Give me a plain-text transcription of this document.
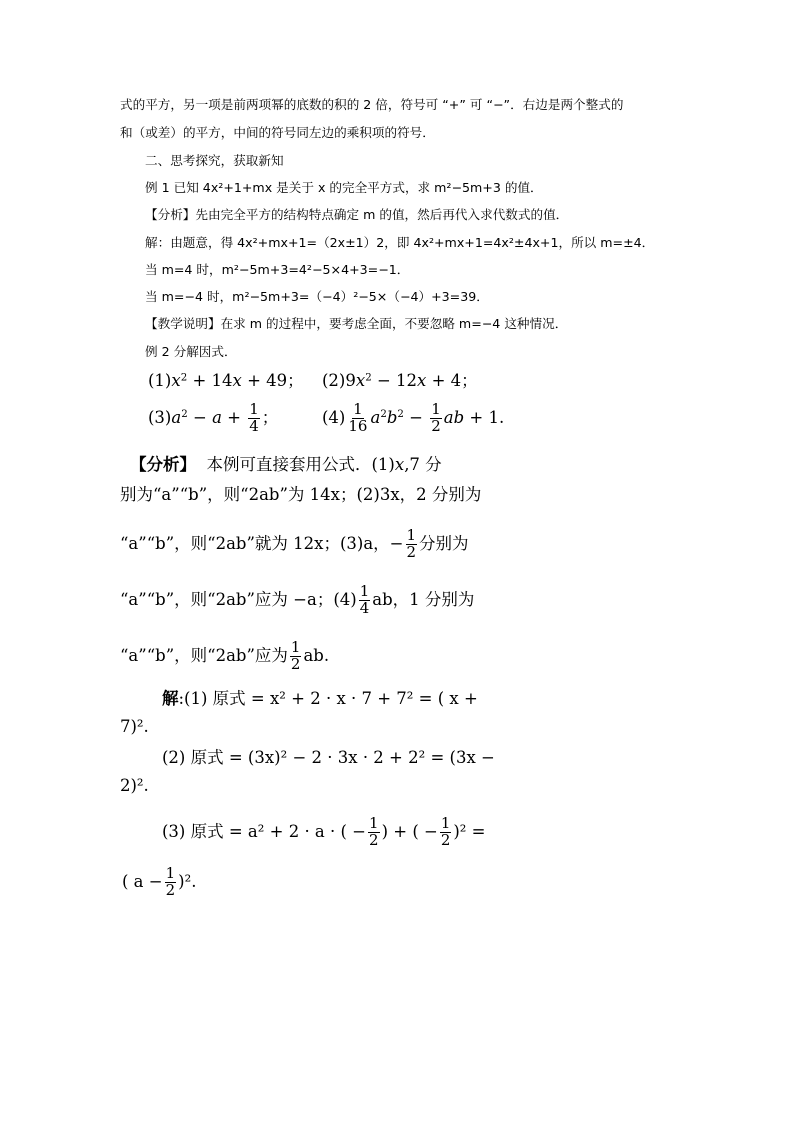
式的平方，另一项是前两项幂的底数的积的 2 倍，符号可 “+” 可 “−”．右边是两个整式的
和（或差）的平方，中间的符号同左边的乘积项的符号．
二、思考探究，获取新知
例 1 已知 4x²+1+mx 是关于 x 的完全平方式，求 m²−5m+3 的值．
【分析】先由完全平方的结构特点确定 m 的值，然后再代入求代数式的值．
解：由题意，得 4x²+mx+1=（2x±1）2，即 4x²+mx+1=4x²±4x+1，所以 m=±4．
当 m=4 时，m²−5m+3=4²−5×4+3=−1．
当 m=−4 时，m²−5m+3=（−4）²−5×（−4）+3=39．
【教学说明】在求 m 的过程中，要考虑全面，不要忽略 m=−4 这种情况．
例 2 分解因式．
$(1)x^2 + 14x + 49$； $(2)9x^2 - 12x + 4$；
$(3)a^2 - a + \frac{1}{4}$ ；	$(4) \frac{1}{16} a^2b^2 - \frac{1}{2}$ ab + 1.
【分析】 本例可直接套用公式．(1)x,7 分
别为“a”“b”，则“2ab”为 14x；(2)3x，2 分别为
“a”“b”，则“2ab”就为 12x；(3)a，− $\frac{1}{2}$ 分别为
“a”“b”，则“2ab”应为 −a；$(4) \frac{1}{4}$ ab，1 分别为
“a”“b”，则“2ab”应为 $\frac{1}{2}$ ab.
解:(1) 原式 = x² + 2 · x · 7 + 7² = ( x +
7)².
(2) 原式 = (3x)² − 2 · 3x · 2 + 2² = (3x −
2)².
(3) 原式 = a² + 2 · a · ( − $\frac{1}{2}$ ) + ( − $\frac{1}{2} )^2$ =
( $a - \frac{1}{2} )^2$.
